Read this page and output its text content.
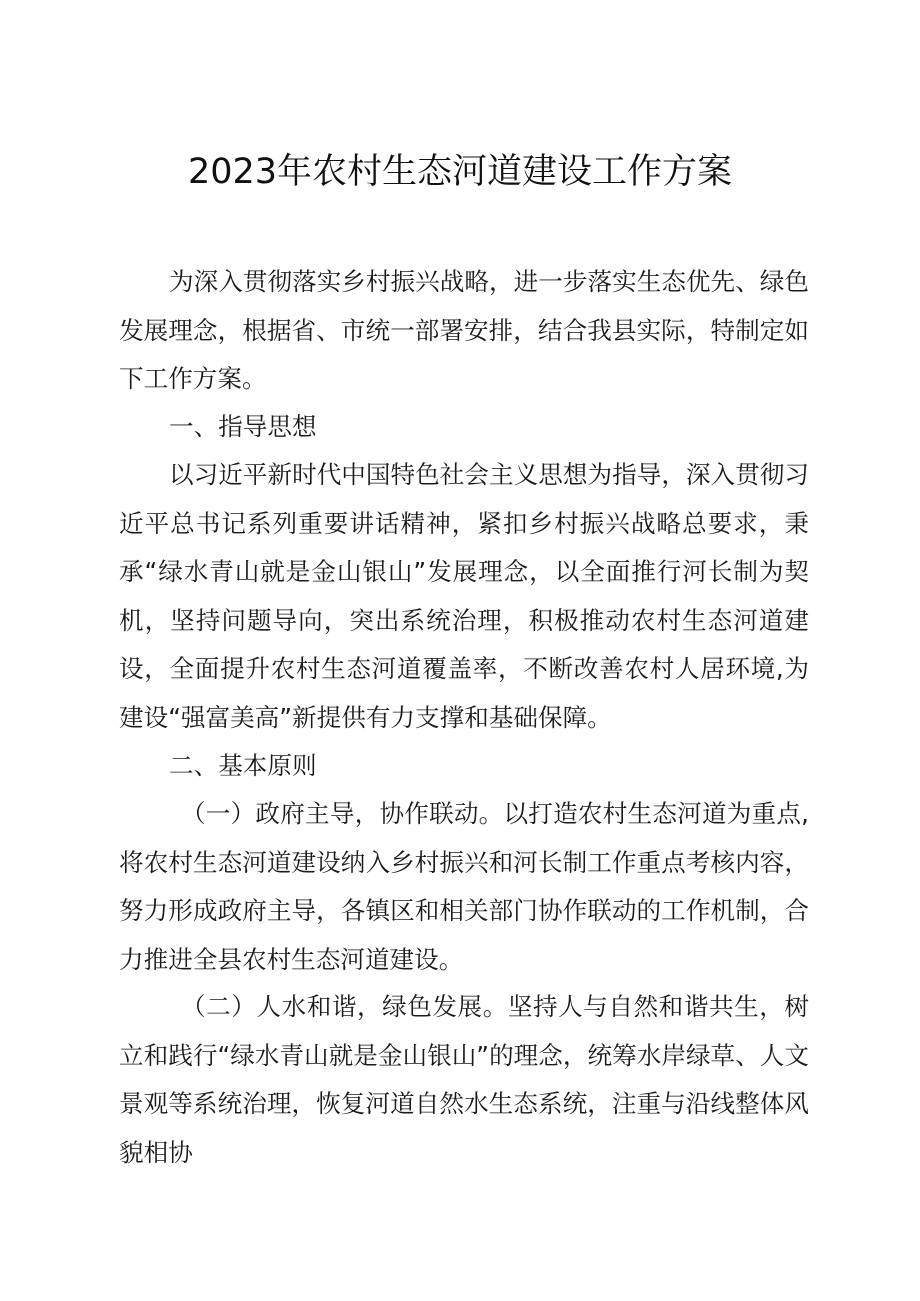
2023年农村生态河道建设工作方案
为深入贯彻落实乡村振兴战略，进一步落实生态优先、绿色发展理念，根据省、市统一部署安排，结合我县实际，特制定如下工作方案。
一、指导思想
以习近平新时代中国特色社会主义思想为指导，深入贯彻习近平总书记系列重要讲话精神，紧扣乡村振兴战略总要求，秉承“绿水青山就是金山银山”发展理念，以全面推行河长制为契机，坚持问题导向，突出系统治理，积极推动农村生态河道建设，全面提升农村生态河道覆盖率，不断改善农村人居环境,为建设“强富美高”新提供有力支撑和基础保障。
二、基本原则
（一）政府主导，协作联动。以打造农村生态河道为重点,将农村生态河道建设纳入乡村振兴和河长制工作重点考核内容，努力形成政府主导，各镇区和相关部门协作联动的工作机制，合力推进全县农村生态河道建设。
（二）人水和谐，绿色发展。坚持人与自然和谐共生，树立和践行“绿水青山就是金山银山”的理念，统筹水岸绿草、人文景观等系统治理，恢复河道自然水生态系统，注重与沿线整体风貌相协
